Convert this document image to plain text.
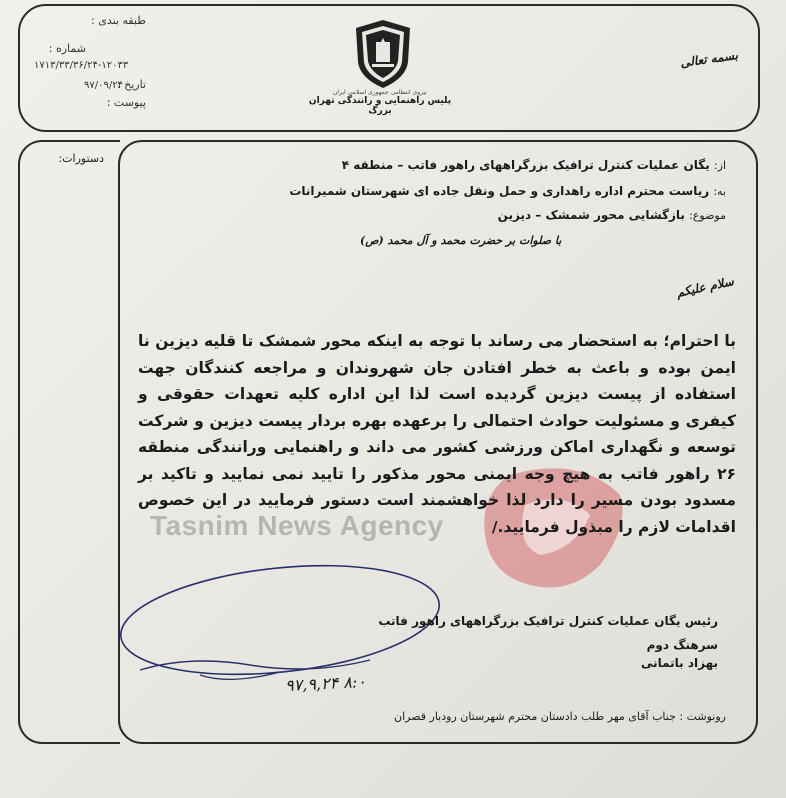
طبقه بندی :
شماره :
۱۷۱۳/۳۳/۳۶/۲۴-۱۲۰۳۳
تاریخ :
۹۷/۰۹/۲۴
پیوست :
نیروی انتظامی جمهوری اسلامی ایران
پلیس راهنمایی و رانندگی تهران بزرگ
بسمه تعالی
دستورات:
از: یگان عملیات کنترل ترافیک بزرگراههای راهور فاتب – منطقه ۴
به: ریاست محترم اداره راهداری و حمل ونقل جاده ای شهرستان شمیرانات
موضوع: بازگشایی محور شمشک – دیزین
با صلوات بر حضرت محمد و آل محمد (ص)
سلام علیکم
Tasnim News Agency
با احترام؛ به استحضار می رساند با توجه به اینکه محور شمشک تا قلیه دیزین نا ایمن بوده و باعث به خطر افتادن جان شهروندان و مراجعه کنندگان جهت استفاده از پیست دیزین گردیده است لذا این اداره کلیه تعهدات حقوقی و کیفری و مسئولیت حوادث احتمالی را برعهده بهره بردار پیست دیزین و شرکت توسعه و نگهداری اماکن ورزشی کشور می داند و راهنمایی ورانندگی منطقه ۲۶ راهور فاتب به هیچ وجه ایمنی محور مذکور را تایید نمی نمایید و تاکید بر مسدود بودن مسیر را دارد لذا خواهشمند است دستور فرمایید در این خصوص اقدامات لازم را مبذول فرمایید./
رئیس یگان عملیات کنترل ترافیک بزرگراههای راهور فاتب
سرهنگ دوم
بهزاد باتمانی
۹۷,۹,۲۴ ۸:۰
رونوشت : جناب آقای مهر طلب دادستان محترم شهرستان رودبار قصران
